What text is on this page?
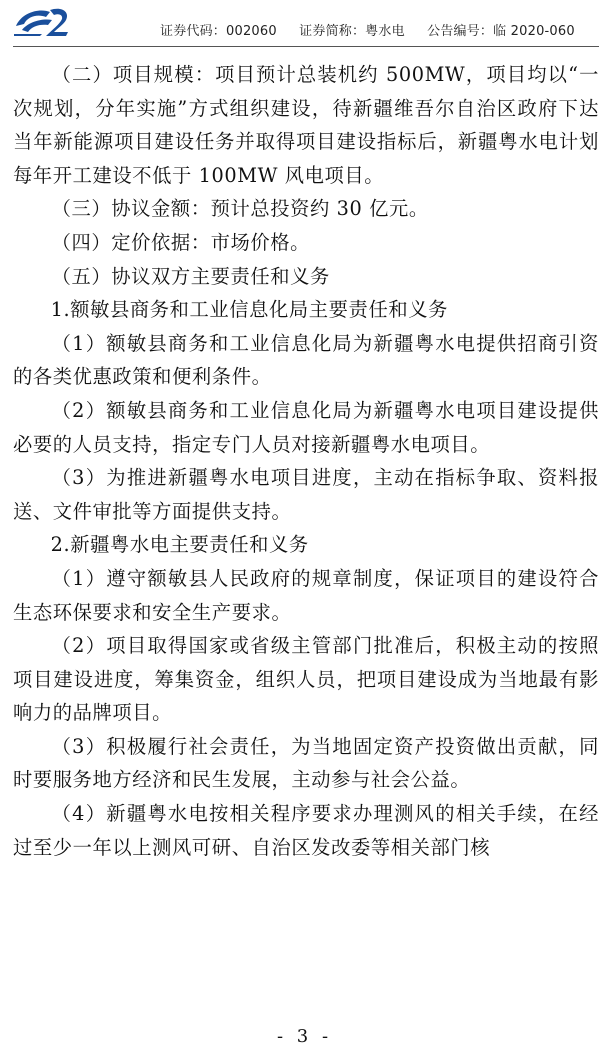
证券代码：002060 证券简称：粤水电 公告编号：临 2020-060

（二）项目规模：项目预计总装机约 500MW，项目均以“一次规划，分年实施”方式组织建设，待新疆维吾尔自治区政府下达当年新能源项目建设任务并取得项目建设指标后，新疆粤水电计划每年开工建设不低于 100MW 风电项目。

（三）协议金额：预计总投资约 30 亿元。

（四）定价依据：市场价格。

（五）协议双方主要责任和义务

1.额敏县商务和工业信息化局主要责任和义务

（1）额敏县商务和工业信息化局为新疆粤水电提供招商引资的各类优惠政策和便利条件。

（2）额敏县商务和工业信息化局为新疆粤水电项目建设提供必要的人员支持，指定专门人员对接新疆粤水电项目。

（3）为推进新疆粤水电项目进度，主动在指标争取、资料报送、文件审批等方面提供支持。

2.新疆粤水电主要责任和义务

（1）遵守额敏县人民政府的规章制度，保证项目的建设符合生态环保要求和安全生产要求。

（2）项目取得国家或省级主管部门批准后，积极主动的按照项目建设进度，筹集资金，组织人员，把项目建设成为当地最有影响力的品牌项目。

（3）积极履行社会责任，为当地固定资产投资做出贡献，同时要服务地方经济和民生发展，主动参与社会公益。

（4）新疆粤水电按相关程序要求办理测风的相关手续，在经过至少一年以上测风可研、自治区发改委等相关部门核

- 3 -
